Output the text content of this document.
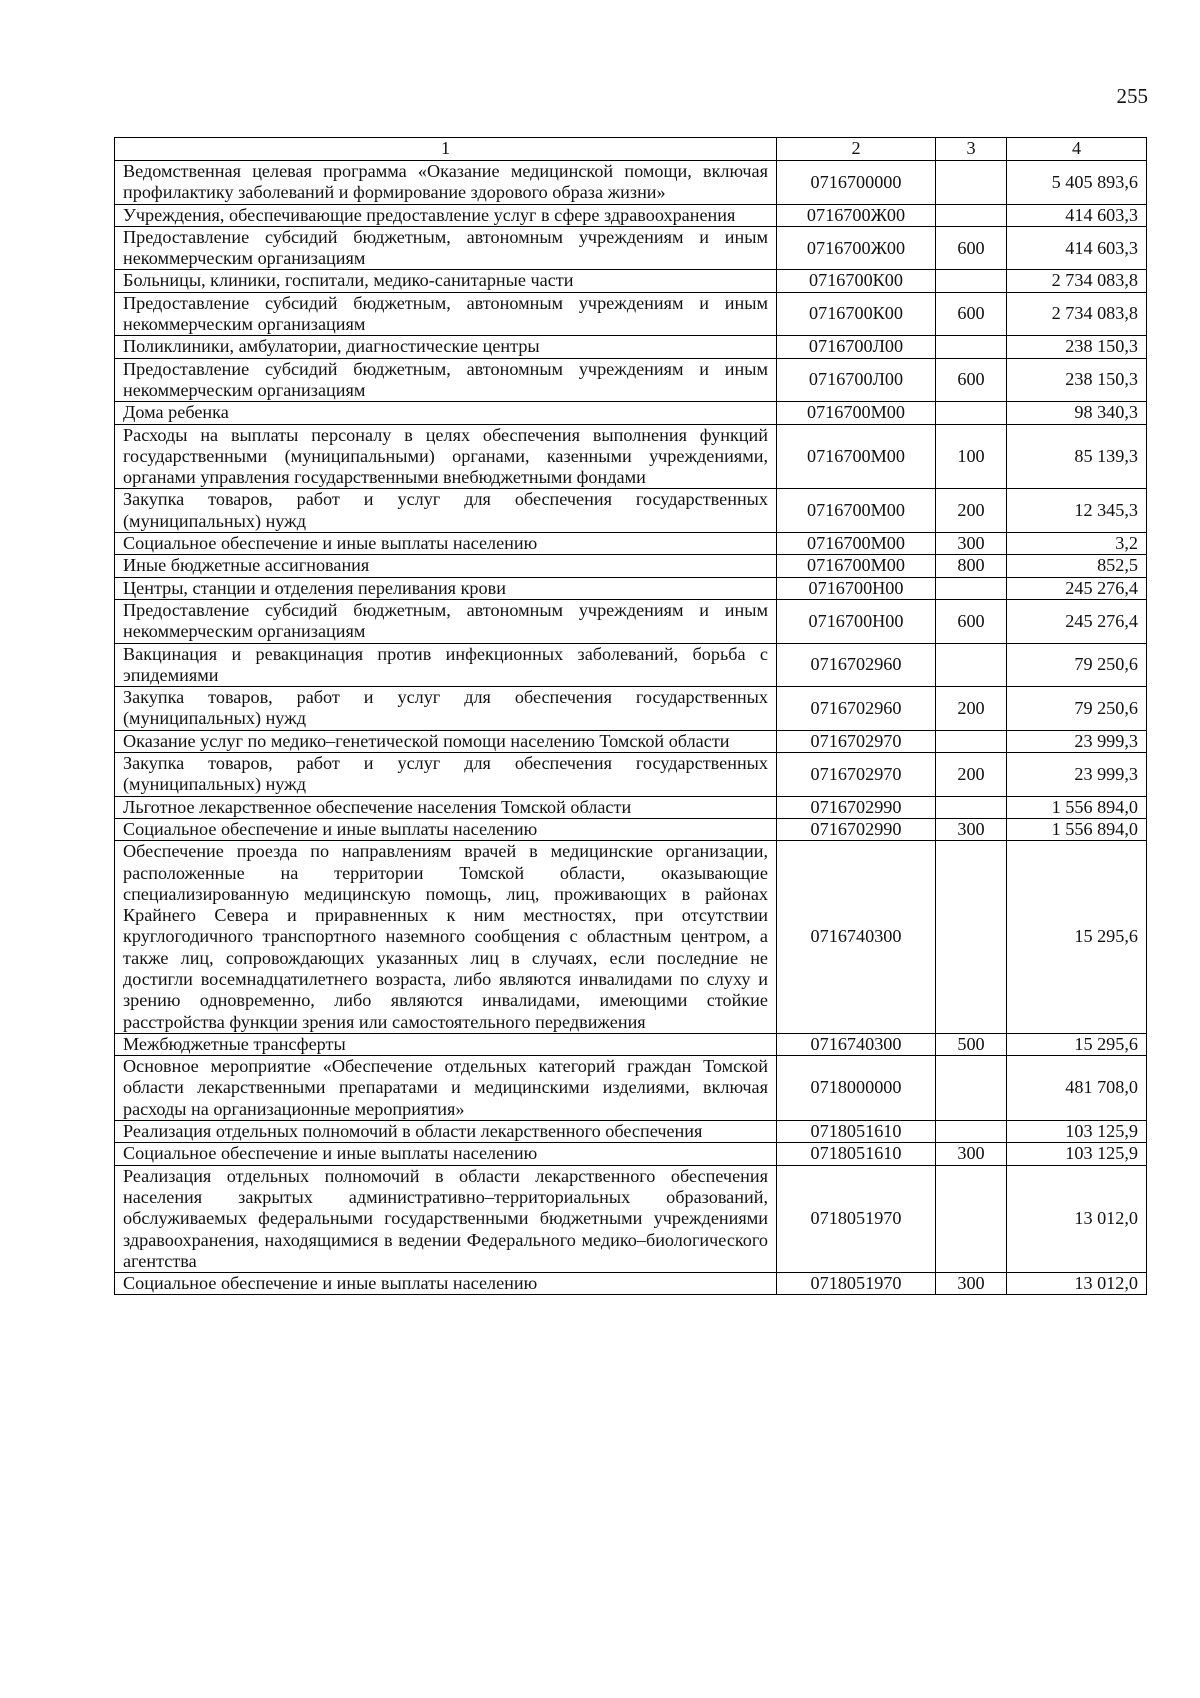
255
1	2	3	4
Ведомственная целевая программа «Оказание медицинской помощи, включая профилактику заболеваний и формирование здорового образа жизни»	0716700000		5 405 893,6
Учреждения, обеспечивающие предоставление услуг в сфере здравоохранения	0716700Ж00		414 603,3
Предоставление субсидий бюджетным, автономным учреждениям и иным некоммерческим организациям	0716700Ж00	600	414 603,3
Больницы, клиники, госпитали, медико-санитарные части	0716700К00		2 734 083,8
Предоставление субсидий бюджетным, автономным учреждениям и иным некоммерческим организациям	0716700К00	600	2 734 083,8
Поликлиники, амбулатории, диагностические центры	0716700Л00		238 150,3
Предоставление субсидий бюджетным, автономным учреждениям и иным некоммерческим организациям	0716700Л00	600	238 150,3
Дома ребенка	0716700М00		98 340,3
Расходы на выплаты персоналу в целях обеспечения выполнения функций государственными (муниципальными) органами, казенными учреждениями, органами управления государственными внебюджетными фондами	0716700М00	100	85 139,3
Закупка товаров, работ и услуг для обеспечения государственных (муниципальных) нужд	0716700М00	200	12 345,3
Социальное обеспечение и иные выплаты населению	0716700М00	300	3,2
Иные бюджетные ассигнования	0716700М00	800	852,5
Центры, станции и отделения переливания крови	0716700Н00		245 276,4
Предоставление субсидий бюджетным, автономным учреждениям и иным некоммерческим организациям	0716700Н00	600	245 276,4
Вакцинация и ревакцинация против инфекционных заболеваний, борьба с эпидемиями	0716702960		79 250,6
Закупка товаров, работ и услуг для обеспечения государственных (муниципальных) нужд	0716702960	200	79 250,6
Оказание услуг по медико–генетической помощи населению Томской области	0716702970		23 999,3
Закупка товаров, работ и услуг для обеспечения государственных (муниципальных) нужд	0716702970	200	23 999,3
Льготное лекарственное обеспечение населения Томской области	0716702990		1 556 894,0
Социальное обеспечение и иные выплаты населению	0716702990	300	1 556 894,0
Обеспечение проезда по направлениям врачей в медицинские организации, расположенные на территории Томской области, оказывающие специализированную медицинскую помощь, лиц, проживающих в районах Крайнего Севера и приравненных к ним местностях, при отсутствии круглогодичного транспортного наземного сообщения с областным центром, а также лиц, сопровождающих указанных лиц в случаях, если последние не достигли восемнадцатилетнего возраста, либо являются инвалидами по слуху и зрению одновременно, либо являются инвалидами, имеющими стойкие расстройства функции зрения или самостоятельного передвижения	0716740300		15 295,6
Межбюджетные трансферты	0716740300	500	15 295,6
Основное мероприятие «Обеспечение отдельных категорий граждан Томской области лекарственными препаратами и медицинскими изделиями, включая расходы на организационные мероприятия»	0718000000		481 708,0
Реализация отдельных полномочий в области лекарственного обеспечения	0718051610		103 125,9
Социальное обеспечение и иные выплаты населению	0718051610	300	103 125,9
Реализация отдельных полномочий в области лекарственного обеспечения населения закрытых административно–территориальных образований, обслуживаемых федеральными государственными бюджетными учреждениями здравоохранения, находящимися в ведении Федерального медико–биологического агентства	0718051970		13 012,0
Социальное обеспечение и иные выплаты населению	0718051970	300	13 012,0
